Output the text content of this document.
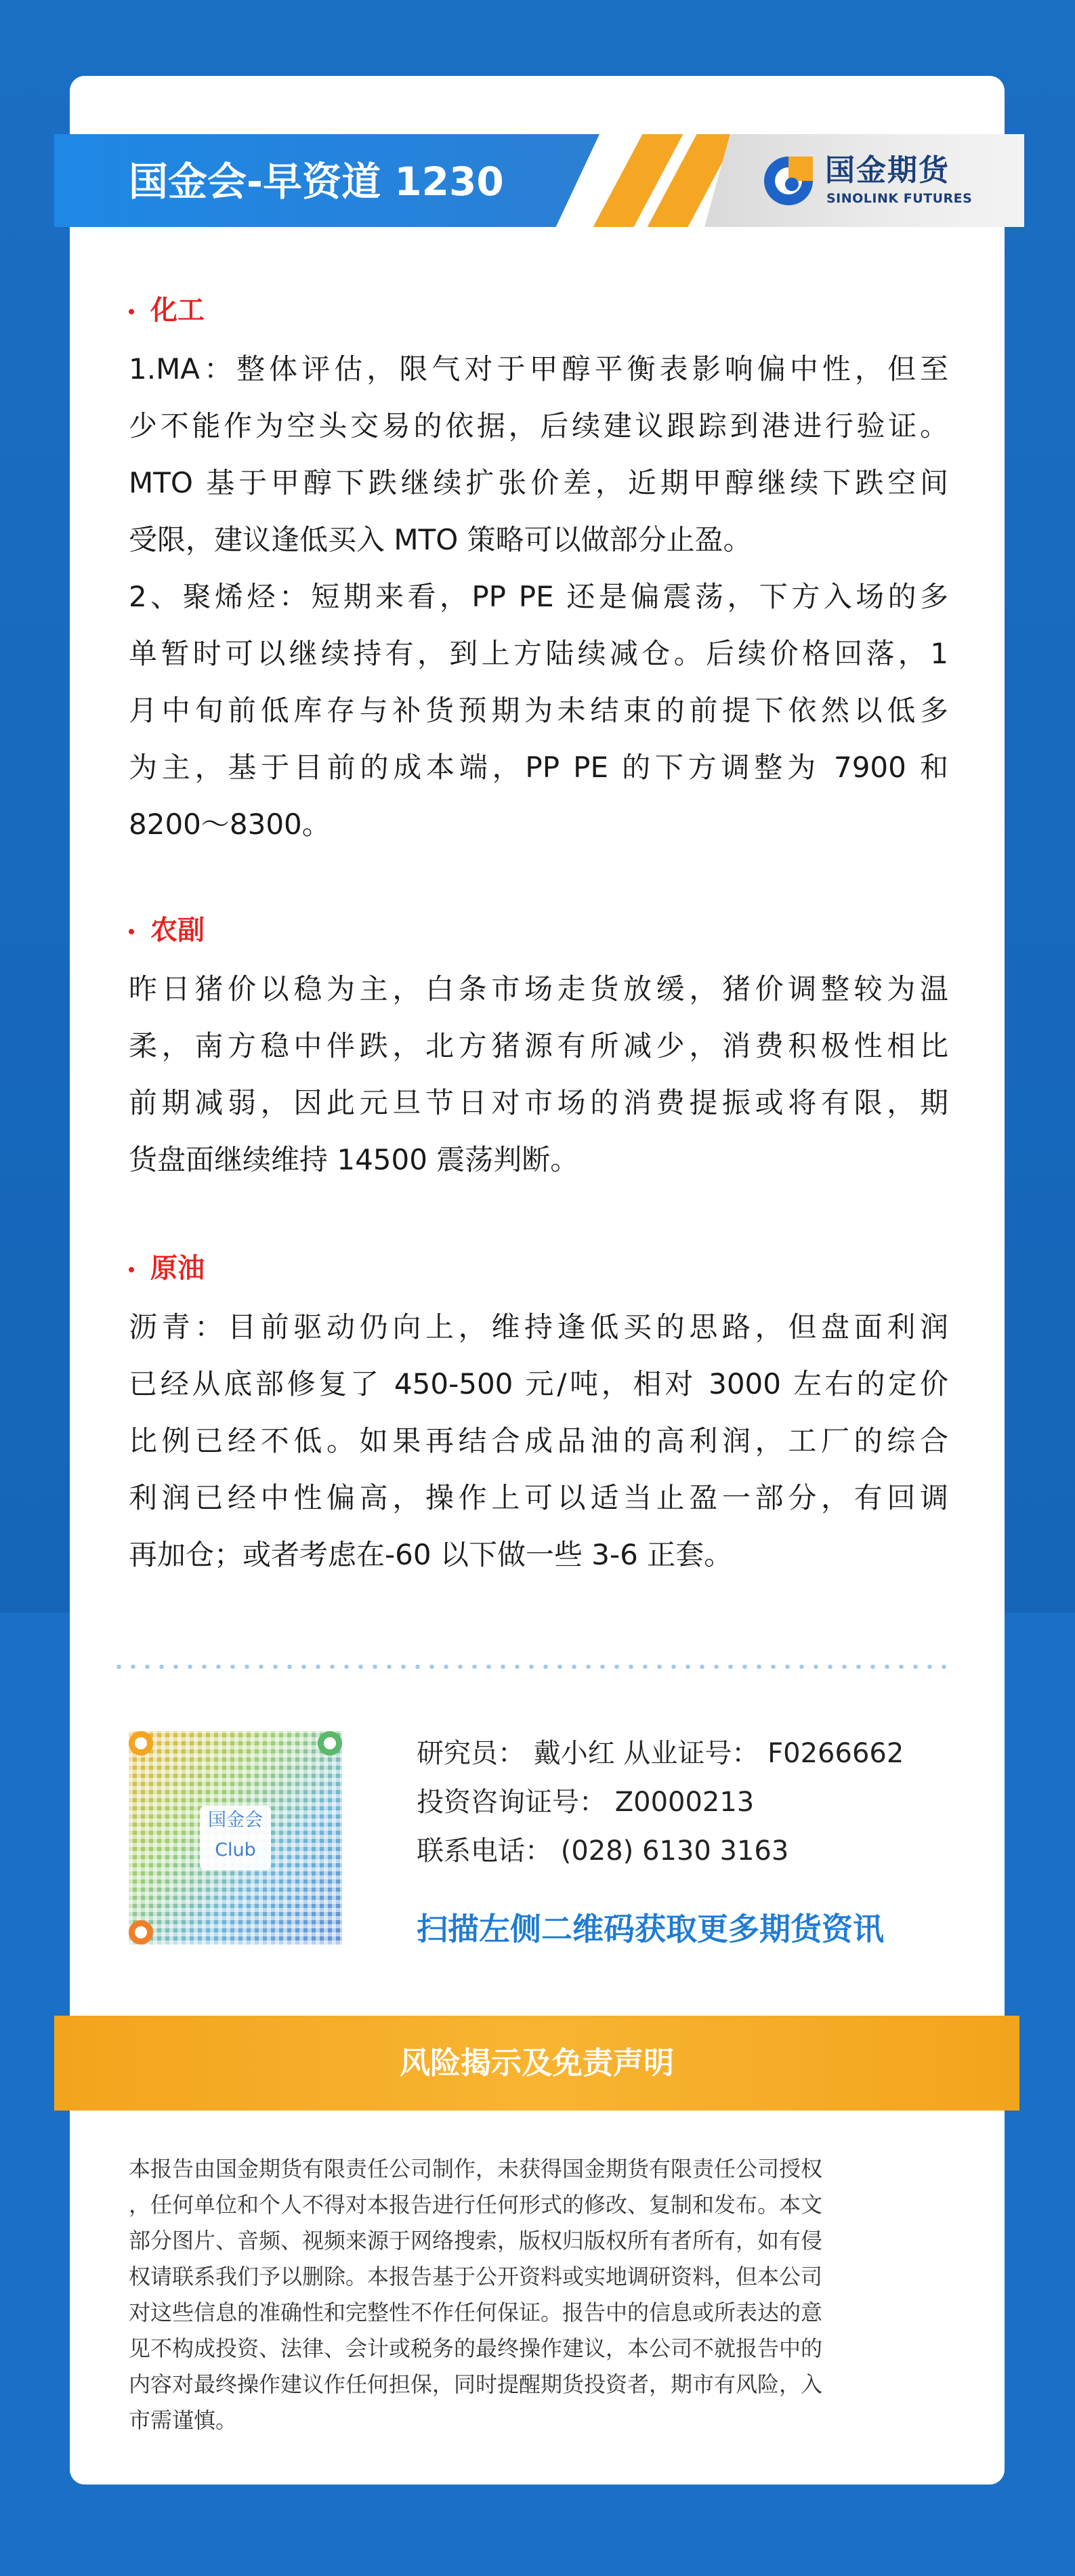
国金会-早资道 1230	国金期货
SINOLINK FUTURES
化工
1.MA：整体评估，限气对于甲醇平衡表影响偏中性，但至
少不能作为空头交易的依据，后续建议跟踪到港进行验证。
MTO 基于甲醇下跌继续扩张价差，近期甲醇继续下跌空间
受限，建议逢低买入 MTO 策略可以做部分止盈。
2、聚烯烃：短期来看，PP PE 还是偏震荡，下方入场的多
单暂时可以继续持有，到上方陆续减仓。后续价格回落，1
月中旬前低库存与补货预期为未结束的前提下依然以低多
为主，基于目前的成本端，PP PE 的下方调整为 7900 和
8200～8300。
农副
昨日猪价以稳为主，白条市场走货放缓，猪价调整较为温
柔，南方稳中伴跌，北方猪源有所减少，消费积极性相比
前期减弱，因此元旦节日对市场的消费提振或将有限，期
货盘面继续维持 14500 震荡判断。
原油
沥青：目前驱动仍向上，维持逢低买的思路，但盘面利润
已经从底部修复了 450-500 元/吨，相对 3000 左右的定价
比例已经不低。如果再结合成品油的高利润，工厂的综合
利润已经中性偏高，操作上可以适当止盈一部分，有回调
再加仓；或者考虑在-60 以下做一些 3-6 正套。
国金会
Club
研究员： 戴小红 从业证号： F0266662
投资咨询证号： Z0000213
联系电话： (028) 6130 3163
扫描左侧二维码获取更多期货资讯
风险揭示及免责声明
本报告由国金期货有限责任公司制作，未获得国金期货有限责任公司授权
，任何单位和个人不得对本报告进行任何形式的修改、复制和发布。本文
部分图片、音频、视频来源于网络搜索，版权归版权所有者所有，如有侵
权请联系我们予以删除。本报告基于公开资料或实地调研资料，但本公司
对这些信息的准确性和完整性不作任何保证。报告中的信息或所表达的意
见不构成投资、法律、会计或税务的最终操作建议，本公司不就报告中的
内容对最终操作建议作任何担保，同时提醒期货投资者，期市有风险，入
市需谨慎。
